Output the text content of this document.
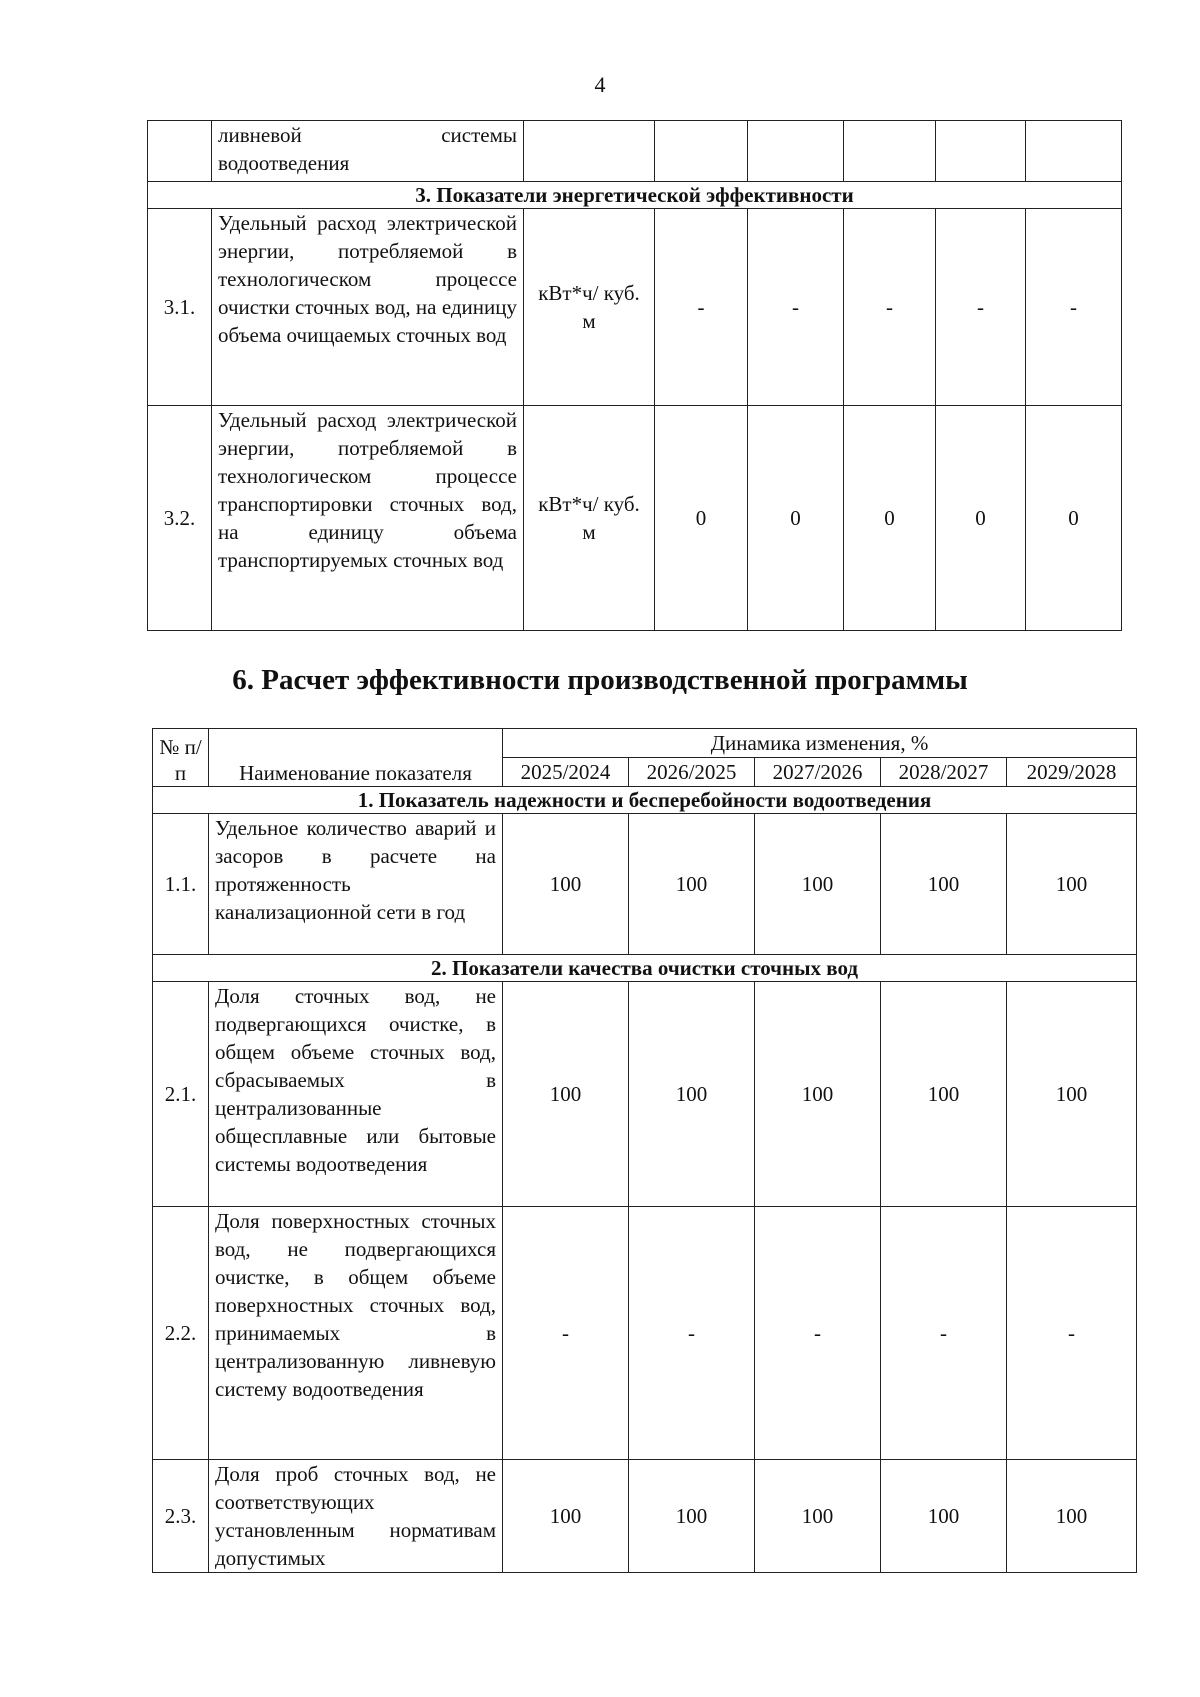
4
	ливневой системы водоотведения						
3. Показатели энергетической эффективности							
3.1.	Удельный расход электрической энергии, потребляемой в технологическом процессе очистки сточных вод, на единицу объема очищаемых сточных вод	кВт*ч/ куб. м	-	-	-	-	-
3.2.	Удельный расход электрической энергии, потребляемой в технологическом процессе транспортировки сточных вод, на единицу объема транспортируемых сточных вод	кВт*ч/ куб. м	0	0	0	0	0
6. Расчет эффективности производственной программы
№ п/п	Наименование показателя	Динамика изменения, %				
		2025/2024	2026/2025	2027/2026	2028/2027	2029/2028
1. Показатель надежности и бесперебойности водоотведения						
1.1.	Удельное количество аварий и засоров в расчете на протяженность канализационной сети в год	100	100	100	100	100
2. Показатели качества очистки сточных вод						
2.1.	Доля сточных вод, не подвергающихся очистке, в общем объеме сточных вод, сбрасываемых в централизованные общесплавные или бытовые системы водоотведения	100	100	100	100	100
2.2.	Доля поверхностных сточных вод, не подвергающихся очистке, в общем объеме поверхностных сточных вод, принимаемых в централизованную ливневую систему водоотведения	-	-	-	-	-
2.3.	Доля проб сточных вод, не соответствующих установленным нормативам допустимых	100	100	100	100	100
